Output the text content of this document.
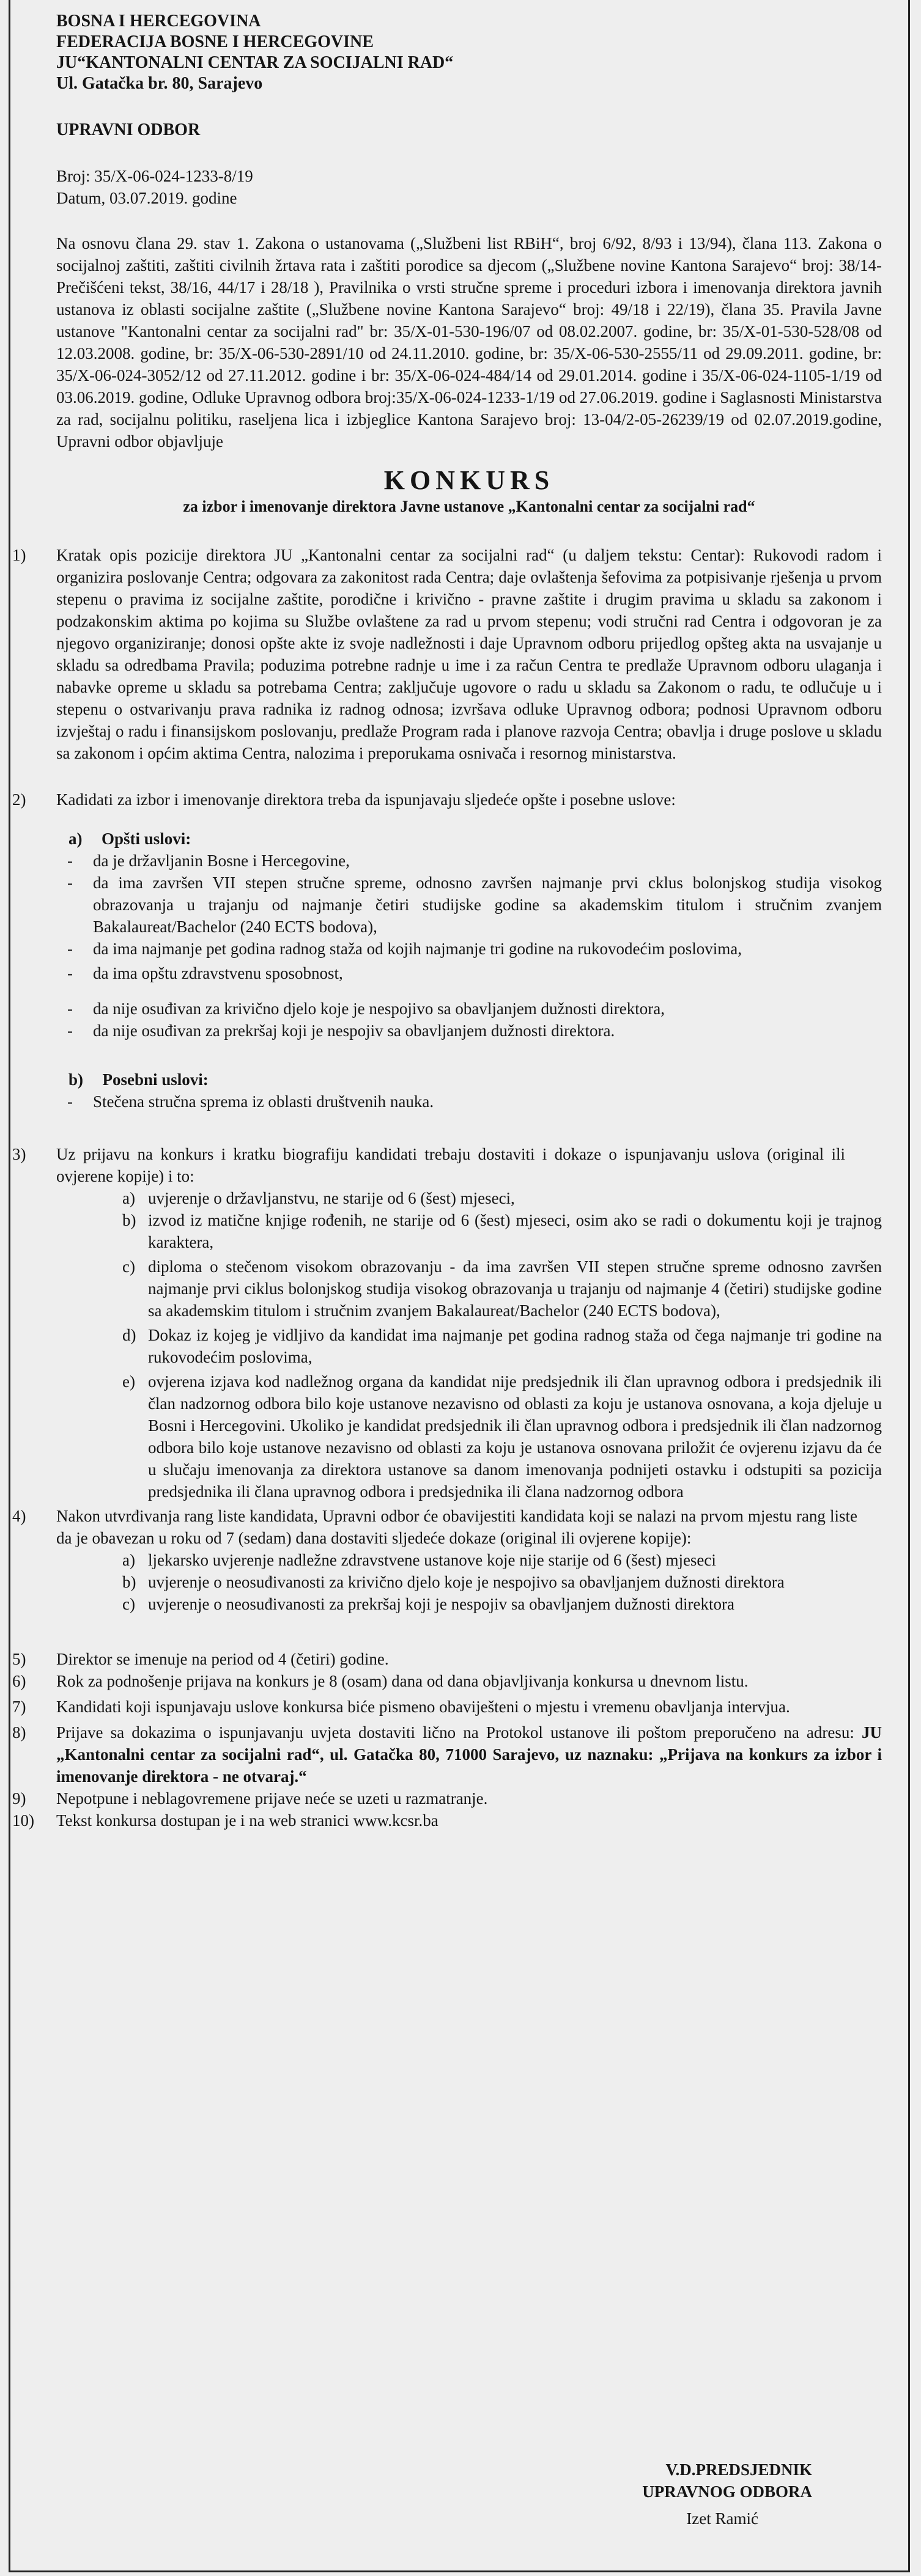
BOSNA I HERCEGOVINA
FEDERACIJA BOSNE I HERCEGOVINE
JU“KANTONALNI CENTAR ZA SOCIJALNI RAD“
Ul. Gatačka br. 80, Sarajevo
UPRAVNI ODBOR
Broj: 35/X-06-024-1233-8/19
Datum, 03.07.2019. godine
Na osnovu člana 29. stav 1. Zakona o ustanovama („Službeni list RBiH“, broj 6/92, 8/93 i 13/94), člana 113. Zakona o socijalnoj zaštiti, zaštiti civilnih žrtava rata i zaštiti porodice sa djecom („Službene novine Kantona Sarajevo“ broj: 38/14- Prečišćeni tekst, 38/16, 44/17 i 28/18 ), Pravilnika o vrsti stručne spreme i proceduri izbora i imenovanja direktora javnih ustanova iz oblasti socijalne zaštite („Službene novine Kantona Sarajevo“ broj: 49/18 i 22/19), člana 35. Pravila Javne ustanove "Kantonalni centar za socijalni rad" br: 35/X-01-530-196/07 od 08.02.2007. godine, br: 35/X-01-530-528/08 od 12.03.2008. godine, br: 35/X-06-530-2891/10 od 24.11.2010. godine, br: 35/X-06-530-2555/11 od 29.09.2011. godine, br: 35/X-06-024-3052/12 od 27.11.2012. godine i br: 35/X-06-024-484/14 od 29.01.2014. godine i 35/X-06-024-1105-1/19 od 03.06.2019. godine, Odluke Upravnog odbora broj:35/X-06-024-1233-1/19 od 27.06.2019. godine i Saglasnosti Ministarstva za rad, socijalnu politiku, raseljena lica i izbjeglice Kantona Sarajevo broj: 13-04/2-05-26239/19 od 02.07.2019.godine, Upravni odbor objavljuje
KONKURS
za izbor i imenovanje direktora Javne ustanove „Kantonalni centar za socijalni rad“
1)	Kratak opis pozicije direktora JU „Kantonalni centar za socijalni rad“ (u daljem tekstu: Centar): Rukovodi radom i organizira poslovanje Centra; odgovara za zakonitost rada Centra; daje ovlaštenja šefovima za potpisivanje rješenja u prvom stepenu o pravima iz socijalne zaštite, porodične i krivično - pravne zaštite i drugim pravima u skladu sa zakonom i podzakonskim aktima po kojima su Službe ovlaštene za rad u prvom stepenu; vodi stručni rad Centra i odgovoran je za njegovo organiziranje; donosi opšte akte iz svoje nadležnosti i daje Upravnom odboru prijedlog opšteg akta na usvajanje u skladu sa odredbama Pravila; poduzima potrebne radnje u ime i za račun Centra te predlaže Upravnom odboru ulaganja i nabavke opreme u skladu sa potrebama Centra; zaključuje ugovore o radu u skladu sa Zakonom o radu, te odlučuje u i stepenu o ostvarivanju prava radnika iz radnog odnosa; izvršava odluke Upravnog odbora; podnosi Upravnom odboru izvještaj o radu i finansijskom poslovanju, predlaže Program rada i planove razvoja Centra; obavlja i druge poslove u skladu sa zakonom i općim aktima Centra, nalozima i preporukama osnivača i resornog ministarstva.
2)	Kadidati za izbor i imenovanje direktora treba da ispunjavaju sljedeće opšte i posebne uslove:
a) Opšti uslovi:
- da je državljanin Bosne i Hercegovine,
- da ima završen VII stepen stručne spreme, odnosno završen najmanje prvi cklus bolonjskog studija visokog obrazovanja u trajanju od najmanje četiri studijske godine sa akademskim titulom i stručnim zvanjem Bakalaureat/Bachelor (240 ECTS bodova),
- da ima najmanje pet godina radnog staža od kojih najmanje tri godine na rukovodećim poslovima,
- da ima opštu zdravstvenu sposobnost,
- da nije osuđivan za krivično djelo koje je nespojivo sa obavljanjem dužnosti direktora,
- da nije osuđivan za prekršaj koji je nespojiv sa obavljanjem dužnosti direktora.
b) Posebni uslovi:
- Stečena stručna sprema iz oblasti društvenih nauka.
3)	Uz prijavu na konkurs i kratku biografiju kandidati trebaju dostaviti i dokaze o ispunjavanju uslova (original ili ovjerene kopije) i to:
a) uvjerenje o državljanstvu, ne starije od 6 (šest) mjeseci,
b) izvod iz matične knjige rođenih, ne starije od 6 (šest) mjeseci, osim ako se radi o dokumentu koji je trajnog karaktera,
c) diploma o stečenom visokom obrazovanju - da ima završen VII stepen stručne spreme odnosno završen najmanje prvi ciklus bolonjskog studija visokog obrazovanja u trajanju od najmanje 4 (četiri) studijske godine sa akademskim titulom i stručnim zvanjem Bakalaureat/Bachelor (240 ECTS bodova),
d) Dokaz iz kojeg je vidljivo da kandidat ima najmanje pet godina radnog staža od čega najmanje tri godine na rukovodećim poslovima,
e) ovjerena izjava kod nadležnog organa da kandidat nije predsjednik ili član upravnog odbora i predsjednik ili član nadzornog odbora bilo koje ustanove nezavisno od oblasti za koju je ustanova osnovana, a koja djeluje u Bosni i Hercegovini. Ukoliko je kandidat predsjednik ili član upravnog odbora i predsjednik ili član nadzornog odbora bilo koje ustanove nezavisno od oblasti za koju je ustanova osnovana priložit će ovjerenu izjavu da će u slučaju imenovanja za direktora ustanove sa danom imenovanja podnijeti ostavku i odstupiti sa pozicija predsjednika ili člana upravnog odbora i predsjednika ili člana nadzornog odbora
4)	Nakon utvrđivanja rang liste kandidata, Upravni odbor će obavijestiti kandidata koji se nalazi na prvom mjestu rang liste da je obavezan u roku od 7 (sedam) dana dostaviti sljedeće dokaze (original ili ovjerene kopije):
a) ljekarsko uvjerenje nadležne zdravstvene ustanove koje nije starije od 6 (šest) mjeseci
b) uvjerenje o neosuđivanosti za krivično djelo koje je nespojivo sa obavljanjem dužnosti direktora
c) uvjerenje o neosuđivanosti za prekršaj koji je nespojiv sa obavljanjem dužnosti direktora
5)	Direktor se imenuje na period od 4 (četiri) godine.
6)	Rok za podnošenje prijava na konkurs je 8 (osam) dana od dana objavljivanja konkursa u dnevnom listu.
7)	Kandidati koji ispunjavaju uslove konkursa biće pismeno obaviješteni o mjestu i vremenu obavljanja intervjua.
8)	Prijave sa dokazima o ispunjavanju uvjeta dostaviti lično na Protokol ustanove ili poštom preporučeno na adresu: JU „Kantonalni centar za socijalni rad“, ul. Gatačka 80, 71000 Sarajevo, uz naznaku: „Prijava na konkurs za izbor i imenovanje direktora - ne otvaraj.“
9)	Nepotpune i neblagovremene prijave neće se uzeti u razmatranje.
10)	Tekst konkursa dostupan je i na web stranici www.kcsr.ba
V.D.PREDSJEDNIK
UPRAVNOG ODBORA
Izet Ramić
